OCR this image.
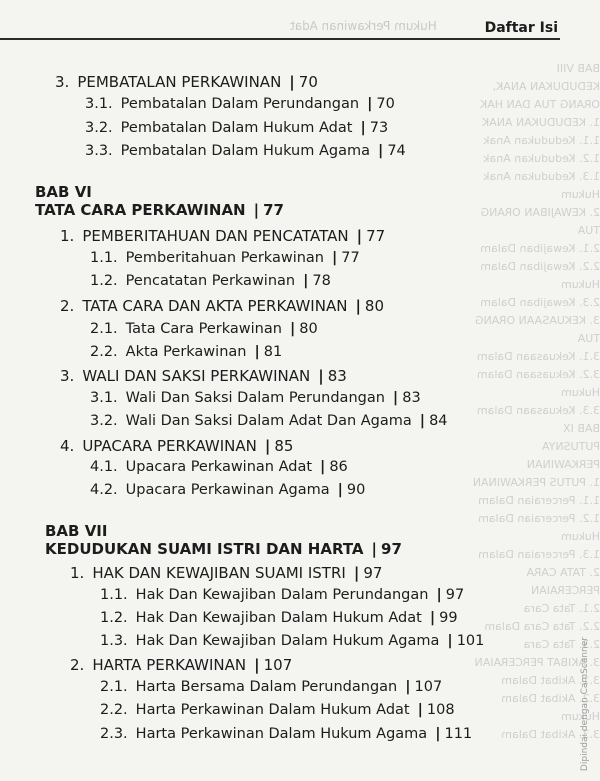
Hukum Perkawinan Adat	Daftar Isi
BAB VIII
KEDUDUKAN ANAK, ORANG TUA DAN HAK
1. KEDUDUKAN ANAK
1.1. Kedudukan Anak
1.2. Kedudukan Anak
1.3. Kedudukan Anak Hukum
2. KEWAJIBAN ORANG TUA
2.1. Kewajiban Dalam
2.2. Kewajiban Dalam Hukum
2.3. Kewajiban Dalam
3. KEKUASAAN ORANG TUA
3.1. Kekuasaan Dalam
3.2. Kekuasaan Dalam Hukum
3.3. Kekuasaan Dalam
BAB IX
PUTUSNYA PERKAWINAN
1. PUTUS PERKAWINAN
1.1. Perceraian Dalam
1.2. Perceraian Dalam Hukum
1.3. Perceraian Dalam
2. TATA CARA PERCERAIAN
2.1. Tata Cara
2.2. Tata Cara Dalam
2.3. Tata Cara
3. AKIBAT PERCERAIAN
3.1. Akibat Dalam
3.2. Akibat Dalam Hukum
3.3. Akibat Dalam
3. PEMBATALAN PERKAWINAN | 70
3.1. Pembatalan Dalam Perundangan | 70
3.2. Pembatalan Dalam Hukum Adat | 73
3.3. Pembatalan Dalam Hukum Agama | 74
BAB VI
TATA CARA PERKAWINAN | 77
1. PEMBERITAHUAN DAN PENCATATAN | 77
1.1. Pemberitahuan Perkawinan | 77
1.2. Pencatatan Perkawinan | 78
2. TATA CARA DAN AKTA PERKAWINAN | 80
2.1. Tata Cara Perkawinan | 80
2.2. Akta Perkawinan | 81
3. WALI DAN SAKSI PERKAWINAN | 83
3.1. Wali Dan Saksi Dalam Perundangan | 83
3.2. Wali Dan Saksi Dalam Adat Dan Agama | 84
4. UPACARA PERKAWINAN | 85
4.1. Upacara Perkawinan Adat | 86
4.2. Upacara Perkawinan Agama | 90
BAB VII
KEDUDUKAN SUAMI ISTRI DAN HARTA | 97
1. HAK DAN KEWAJIBAN SUAMI ISTRI | 97
1.1. Hak Dan Kewajiban Dalam Perundangan | 97
1.2. Hak Dan Kewajiban Dalam Hukum Adat | 99
1.3. Hak Dan Kewajiban Dalam Hukum Agama | 101
2. HARTA PERKAWINAN | 107
2.1. Harta Bersama Dalam Perundangan | 107
2.2. Harta Perkawinan Dalam Hukum Adat | 108
2.3. Harta Perkawinan Dalam Hukum Agama | 111	Dipindai dengan CamScanner
